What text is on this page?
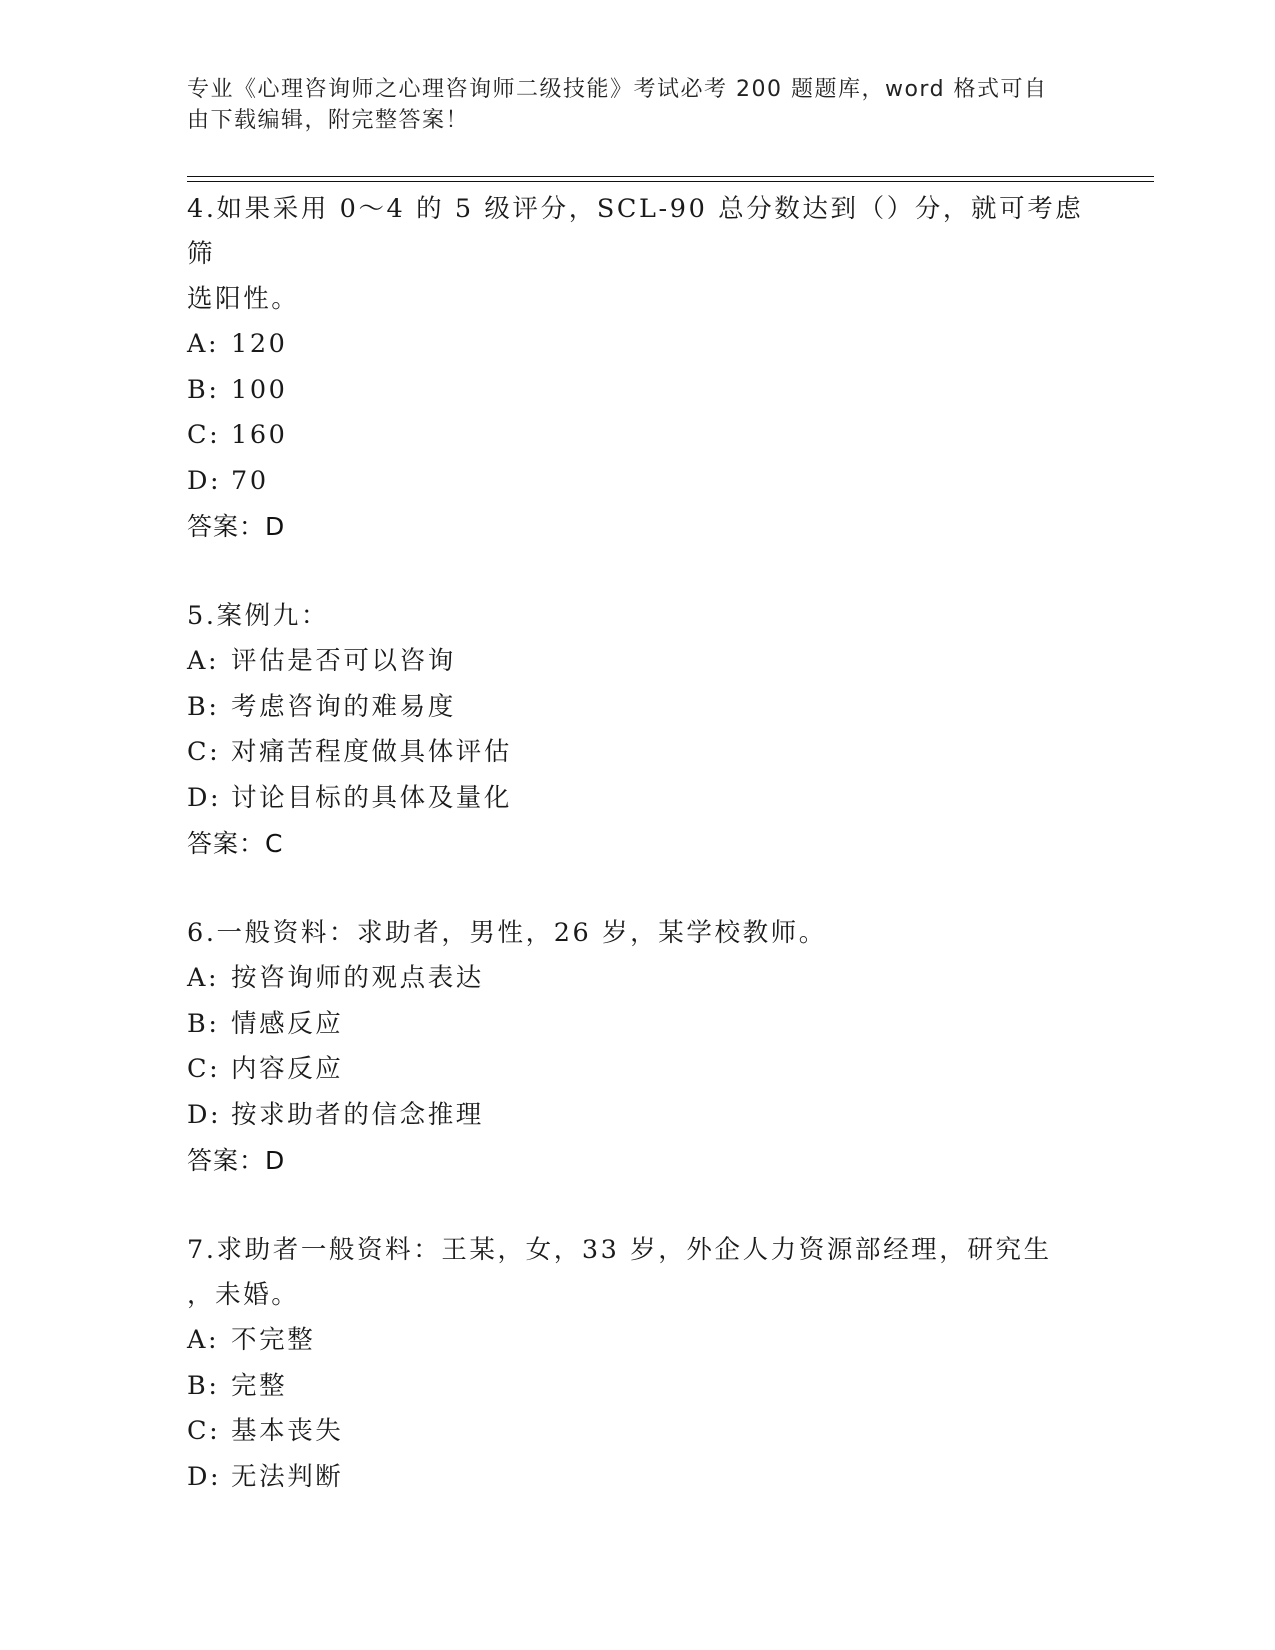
专业《心理咨询师之心理咨询师二级技能》考试必考 200 题题库，word 格式可自
由下载编辑，附完整答案！

4.如果采用 0～4 的 5 级评分，SCL-90 总分数达到（）分，就可考虑筛

选阳性。

A: 120

B: 100

C: 160

D: 70

答案：D

5.案例九：

A: 评估是否可以咨询

B: 考虑咨询的难易度

C: 对痛苦程度做具体评估

D: 讨论目标的具体及量化

答案：C

6.一般资料：求助者，男性，26 岁，某学校教师。

A: 按咨询师的观点表达

B: 情感反应

C: 内容反应

D: 按求助者的信念推理

答案：D

7.求助者一般资料：王某，女，33 岁，外企人力资源部经理，研究生

，未婚。

A: 不完整

B: 完整

C: 基本丧失

D: 无法判断
